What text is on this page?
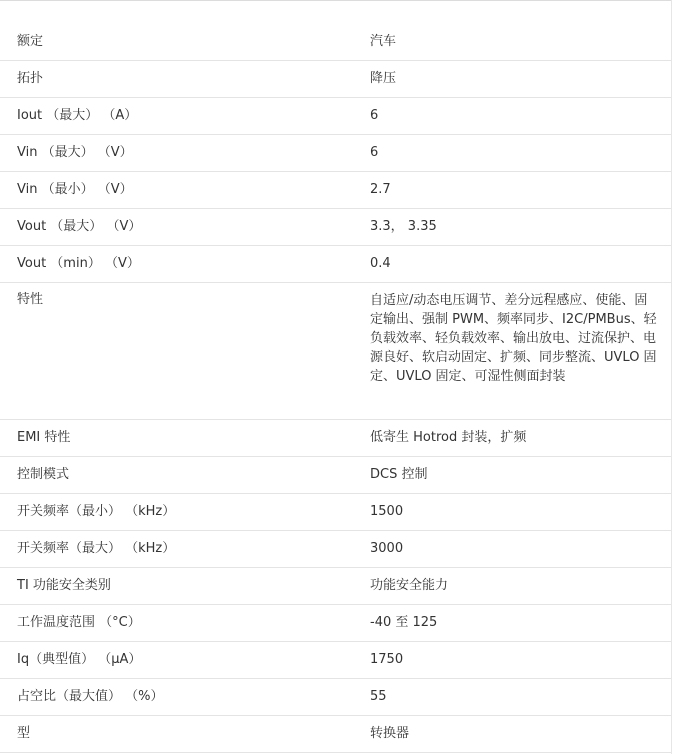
额定	汽车
拓扑	降压
Iout （最大） （A）	6
Vin （最大） （V）	6
Vin （最小） （V）	2.7
Vout （最大） （V）	3.3， 3.35
Vout （min） （V）	0.4
特性	自适应/动态电压调节、差分远程感应、使能、固定输出、强制 PWM、频率同步、I2C/PMBus、轻负载效率、轻负载效率、输出放电、过流保护、电源良好、软启动固定、扩频、同步整流、UVLO 固定、UVLO 固定、可湿性侧面封装
EMI 特性	低寄生 Hotrod 封装，扩频
控制模式	DCS 控制
开关频率（最小） （kHz）	1500
开关频率（最大） （kHz）	3000
TI 功能安全类别	功能安全能力
工作温度范围 （°C）	-40 至 125
Iq（典型值） （μA）	1750
占空比（最大值） （%）	55
型	转换器
